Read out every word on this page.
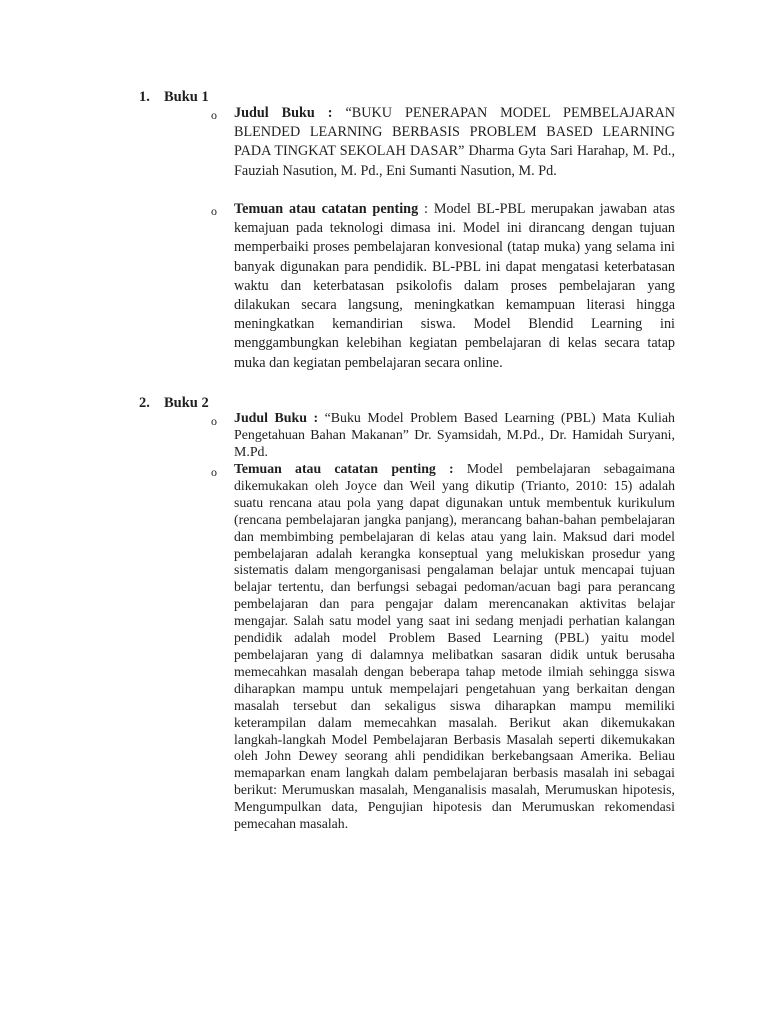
1. Buku 1
o Judul Buku : “BUKU PENERAPAN MODEL PEMBELAJARAN BLENDED LEARNING BERBASIS PROBLEM BASED LEARNING PADA TINGKAT SEKOLAH DASAR” Dharma Gyta Sari Harahap, M. Pd., Fauziah Nasution, M. Pd., Eni Sumanti Nasution, M. Pd.
o Temuan atau catatan penting : Model BL-PBL merupakan jawaban atas kemajuan pada teknologi dimasa ini. Model ini dirancang dengan tujuan memperbaiki proses pembelajaran konvesional (tatap muka) yang selama ini banyak digunakan para pendidik. BL-PBL ini dapat mengatasi keterbatasan waktu dan keterbatasan psikolofis dalam proses pembelajaran yang dilakukan secara langsung, meningkatkan kemampuan literasi hingga meningkatkan kemandirian siswa. Model Blendid Learning ini menggambungkan kelebihan kegiatan pembelajaran di kelas secara tatap muka dan kegiatan pembelajaran secara online.
2. Buku 2
o Judul Buku : “Buku Model Problem Based Learning (PBL) Mata Kuliah Pengetahuan Bahan Makanan” Dr. Syamsidah, M.Pd., Dr. Hamidah Suryani, M.Pd.
o Temuan atau catatan penting : Model pembelajaran sebagaimana dikemukakan oleh Joyce dan Weil yang dikutip (Trianto, 2010: 15) adalah suatu rencana atau pola yang dapat digunakan untuk membentuk kurikulum (rencana pembelajaran jangka panjang), merancang bahan-bahan pembelajaran dan membimbing pembelajaran di kelas atau yang lain. Maksud dari model pembelajaran adalah kerangka konseptual yang melukiskan prosedur yang sistematis dalam mengorganisasi pengalaman belajar untuk mencapai tujuan belajar tertentu, dan berfungsi sebagai pedoman/acuan bagi para perancang pembelajaran dan para pengajar dalam merencanakan aktivitas belajar mengajar. Salah satu model yang saat ini sedang menjadi perhatian kalangan pendidik adalah model Problem Based Learning (PBL) yaitu model pembelajaran yang di dalamnya melibatkan sasaran didik untuk berusaha memecahkan masalah dengan beberapa tahap metode ilmiah sehingga siswa diharapkan mampu untuk mempelajari pengetahuan yang berkaitan dengan masalah tersebut dan sekaligus siswa diharapkan mampu memiliki keterampilan dalam memecahkan masalah. Berikut akan dikemukakan langkah-langkah Model Pembelajaran Berbasis Masalah seperti dikemukakan oleh John Dewey seorang ahli pendidikan berkebangsaan Amerika. Beliau memaparkan enam langkah dalam pembelajaran berbasis masalah ini sebagai berikut: Merumuskan masalah, Menganalisis masalah, Merumuskan hipotesis, Mengumpulkan data, Pengujian hipotesis dan Merumuskan rekomendasi pemecahan masalah.
